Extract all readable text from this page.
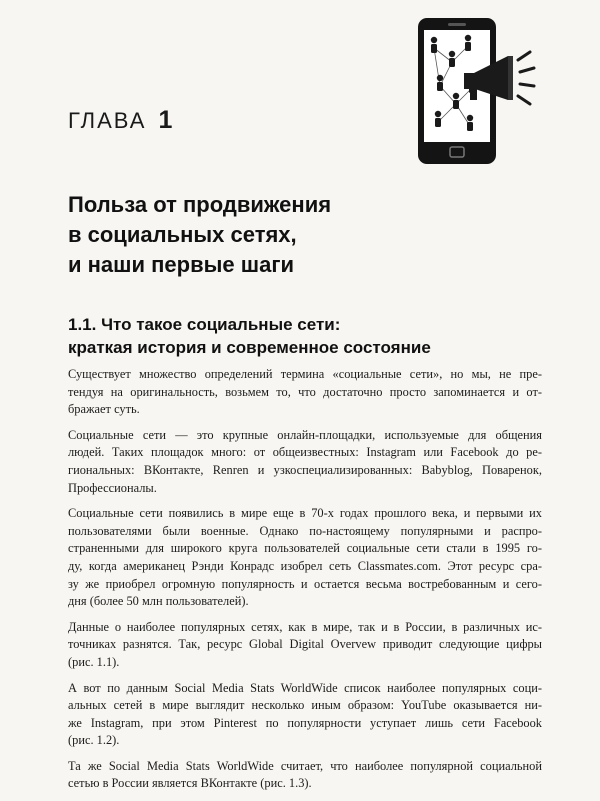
ГЛАВА 1
Польза от продвижения
в социальных сетях,
и наши первые шаги
1.1. Что такое социальные сети:
краткая история и современное состояние
Существует множество определений термина «социальные сети», но мы, не пре-
тендуя на оригинальность, возьмем то, что достаточно просто запоминается и от-
бражает суть.
Социальные сети — это крупные онлайн-площадки, используемые для общения
людей. Таких площадок много: от общеизвестных: Instagram или Facebook до ре-
гиональных: ВКонтакте, Renren и узкоспециализированных: Babyblog, Поваренок,
Профессионалы.
Социальные сети появились в мире еще в 70-х годах прошлого века, и первыми их
пользователями были военные. Однако по-настоящему популярными и распро-
страненными для широкого круга пользователей социальные сети стали в 1995 го-
ду, когда американец Рэнди Конрадс изобрел сеть Classmates.com. Этот ресурс сра-
зу же приобрел огромную популярность и остается весьма востребованным и сего-
дня (более 50 млн пользователей).
Данные о наиболее популярных сетях, как в мире, так и в России, в различных ис-
точниках разнятся. Так, ресурс Global Digital Overvew приводит следующие цифры
(рис. 1.1).
А вот по данным Social Media Stats WorldWide список наиболее популярных соци-
альных сетей в мире выглядит несколько иным образом: YouTube оказывается ни-
же Instagram, при этом Pinterest по популярности уступает лишь сети Facebook
(рис. 1.2).
Та же Social Media Stats WorldWide считает, что наиболее популярной социальной
сетью в России является ВКонтакте (рис. 1.3).
